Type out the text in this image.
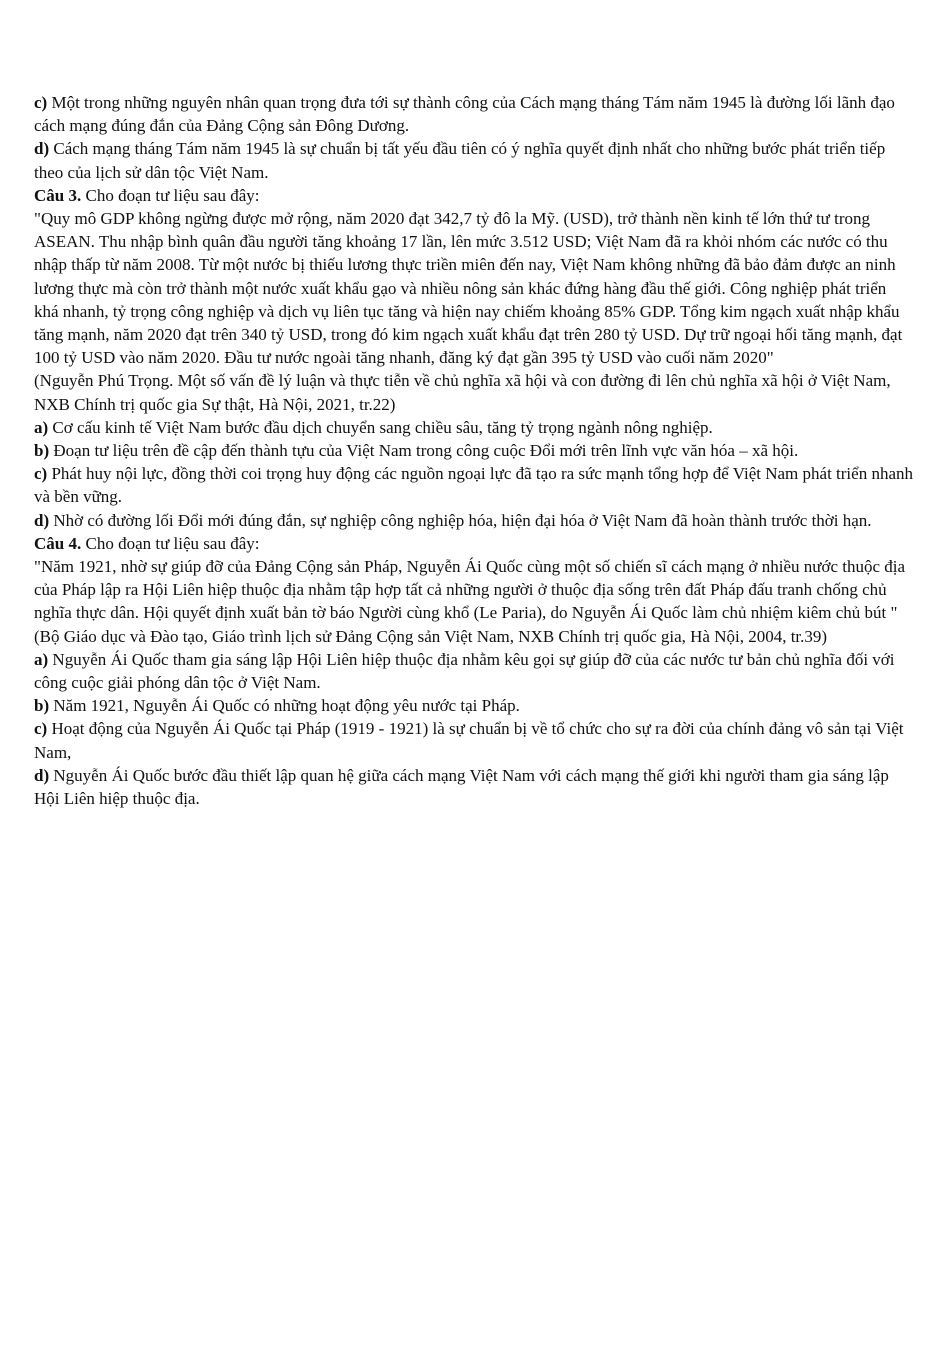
c) Một trong những nguyên nhân quan trọng đưa tới sự thành công của Cách mạng tháng Tám năm 1945 là đường lối lãnh đạo cách mạng đúng đắn của Đảng Cộng sản Đông Dương.

d) Cách mạng tháng Tám năm 1945 là sự chuẩn bị tất yếu đầu tiên có ý nghĩa quyết định nhất cho những bước phát triển tiếp theo của lịch sử dân tộc Việt Nam.

Câu 3. Cho đoạn tư liệu sau đây:

"Quy mô GDP không ngừng được mở rộng, năm 2020 đạt 342,7 tỷ đô la Mỹ. (USD), trở thành nền kinh tế lớn thứ tư trong ASEAN. Thu nhập bình quân đầu người tăng khoảng 17 lần, lên mức 3.512 USD; Việt Nam đã ra khỏi nhóm các nước có thu nhập thấp từ năm 2008. Từ một nước bị thiếu lương thực triền miên đến nay, Việt Nam không những đã bảo đảm được an ninh lương thực mà còn trở thành một nước xuất khẩu gạo và nhiều nông sản khác đứng hàng đầu thế giới. Công nghiệp phát triển khá nhanh, tỷ trọng công nghiệp và dịch vụ liên tục tăng và hiện nay chiếm khoảng 85% GDP. Tổng kim ngạch xuất nhập khẩu tăng mạnh, năm 2020 đạt trên 340 tỷ USD, trong đó kim ngạch xuất khẩu đạt trên 280 tỷ USD. Dự trữ ngoại hối tăng mạnh, đạt 100 tỷ USD vào năm 2020. Đầu tư nước ngoài tăng nhanh, đăng ký đạt gần 395 tỷ USD vào cuối năm 2020"

(Nguyễn Phú Trọng. Một số vấn đề lý luận và thực tiễn về chủ nghĩa xã hội và con đường đi lên chủ nghĩa xã hội ở Việt Nam, NXB Chính trị quốc gia Sự thật, Hà Nội, 2021, tr.22)

a) Cơ cấu kinh tế Việt Nam bước đầu dịch chuyển sang chiều sâu, tăng tỷ trọng ngành nông nghiệp.

b) Đoạn tư liệu trên đề cập đến thành tựu của Việt Nam trong công cuộc Đổi mới trên lĩnh vực văn hóa – xã hội.

c) Phát huy nội lực, đồng thời coi trọng huy động các nguồn ngoại lực đã tạo ra sức mạnh tổng hợp để Việt Nam phát triển nhanh và bền vững.

d) Nhờ có đường lối Đổi mới đúng đắn, sự nghiệp công nghiệp hóa, hiện đại hóa ở Việt Nam đã hoàn thành trước thời hạn.

Câu 4. Cho đoạn tư liệu sau đây:

"Năm 1921, nhờ sự giúp đỡ của Đảng Cộng sản Pháp, Nguyễn Ái Quốc cùng một số chiến sĩ cách mạng ở nhiều nước thuộc địa của Pháp lập ra Hội Liên hiệp thuộc địa nhằm tập hợp tất cả những người ở thuộc địa sống trên đất Pháp đấu tranh chống chủ nghĩa thực dân. Hội quyết định xuất bản tờ báo Người cùng khổ (Le Paria), do Nguyễn Ái Quốc làm chủ nhiệm kiêm chủ bút "

(Bộ Giáo dục và Đào tạo, Giáo trình lịch sử Đảng Cộng sản Việt Nam, NXB Chính trị quốc gia, Hà Nội, 2004, tr.39)

a) Nguyễn Ái Quốc tham gia sáng lập Hội Liên hiệp thuộc địa nhằm kêu gọi sự giúp đỡ của các nước tư bản chủ nghĩa đối với công cuộc giải phóng dân tộc ở Việt Nam.

b) Năm 1921, Nguyễn Ái Quốc có những hoạt động yêu nước tại Pháp.

c) Hoạt động của Nguyễn Ái Quốc tại Pháp (1919 - 1921) là sự chuẩn bị về tổ chức cho sự ra đời của chính đảng vô sản tại Việt Nam,

d) Nguyễn Ái Quốc bước đầu thiết lập quan hệ giữa cách mạng Việt Nam với cách mạng thế giới khi người tham gia sáng lập Hội Liên hiệp thuộc địa.
